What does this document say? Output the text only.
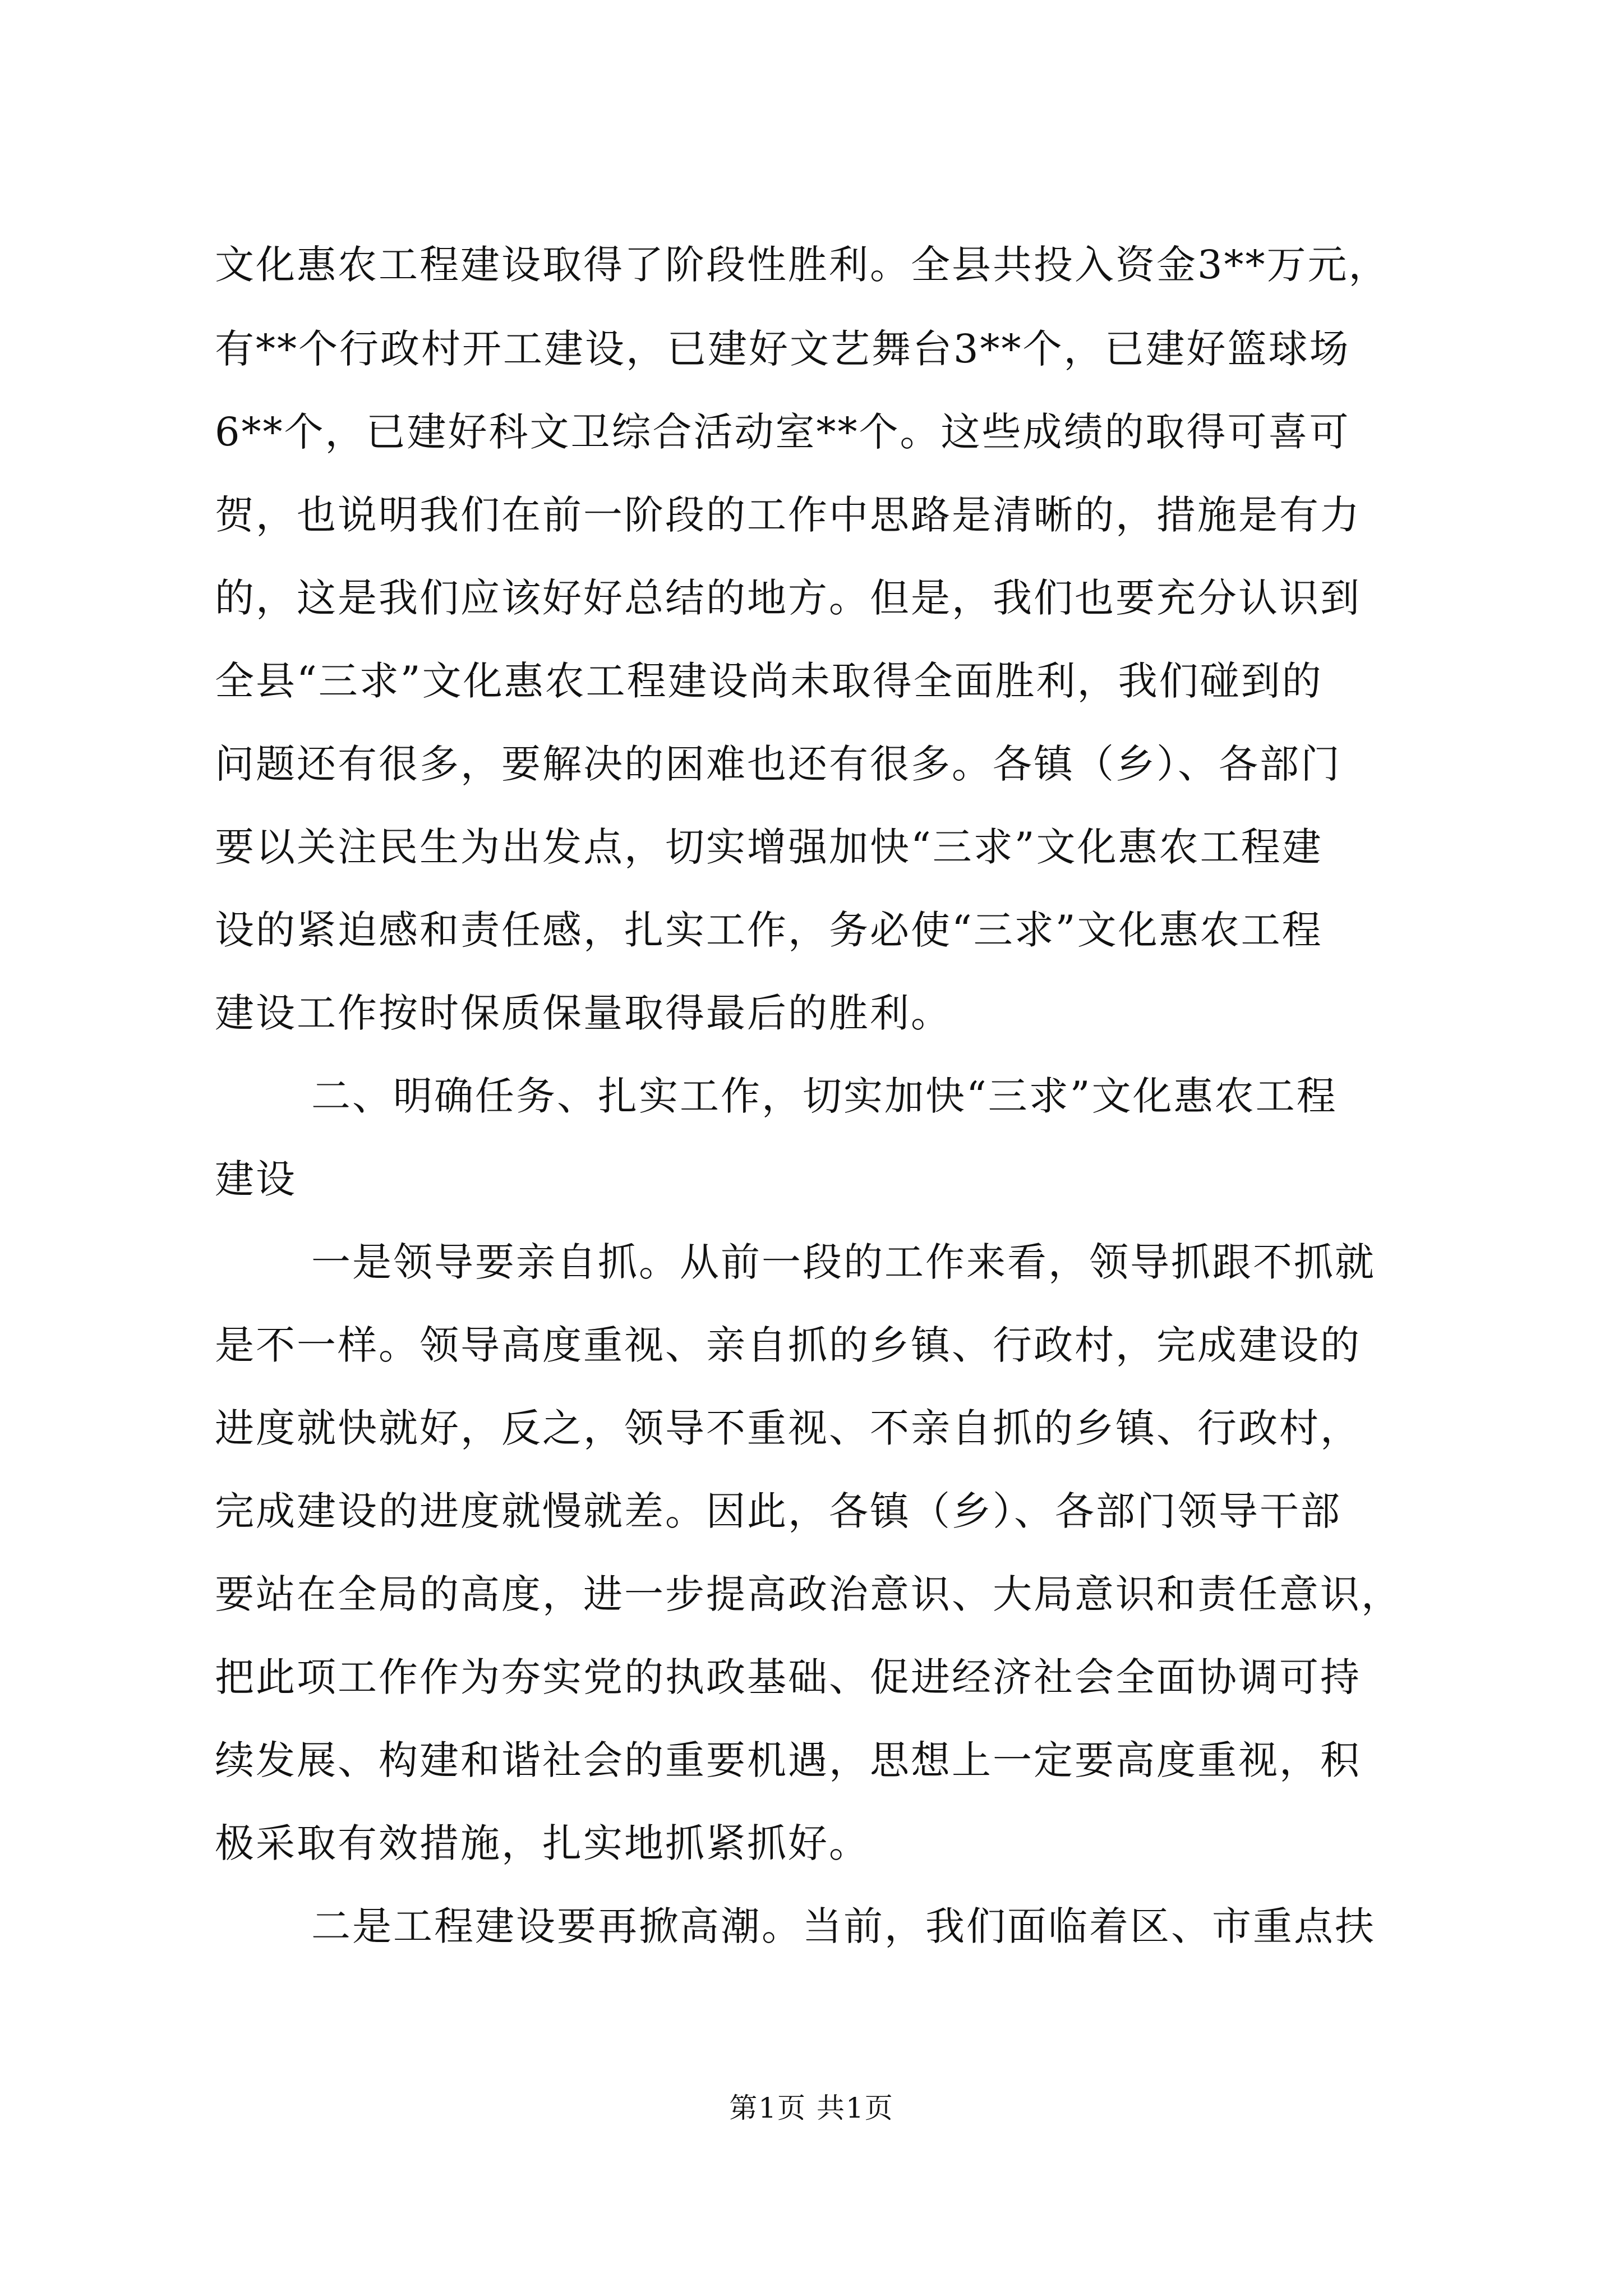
文化惠农工程建设取得了阶段性胜利。全县共投入资金3**万元，
有**个行政村开工建设，已建好文艺舞台3**个，已建好篮球场
6**个，已建好科文卫综合活动室**个。这些成绩的取得可喜可
贺，也说明我们在前一阶段的工作中思路是清晰的，措施是有力
的，这是我们应该好好总结的地方。但是，我们也要充分认识到
全县“三求”文化惠农工程建设尚未取得全面胜利，我们碰到的
问题还有很多，要解决的困难也还有很多。各镇（乡）、各部门
要以关注民生为出发点，切实增强加快“三求”文化惠农工程建
设的紧迫感和责任感，扎实工作，务必使“三求”文化惠农工程
建设工作按时保质保量取得最后的胜利。
二、明确任务、扎实工作，切实加快“三求”文化惠农工程
建设
一是领导要亲自抓。从前一段的工作来看，领导抓跟不抓就
是不一样。领导高度重视、亲自抓的乡镇、行政村，完成建设的
进度就快就好，反之，领导不重视、不亲自抓的乡镇、行政村，
完成建设的进度就慢就差。因此，各镇（乡）、各部门领导干部
要站在全局的高度，进一步提高政治意识、大局意识和责任意识，
把此项工作作为夯实党的执政基础、促进经济社会全面协调可持
续发展、构建和谐社会的重要机遇，思想上一定要高度重视，积
极采取有效措施，扎实地抓紧抓好。
二是工程建设要再掀高潮。当前，我们面临着区、市重点扶
第1页 共1页
